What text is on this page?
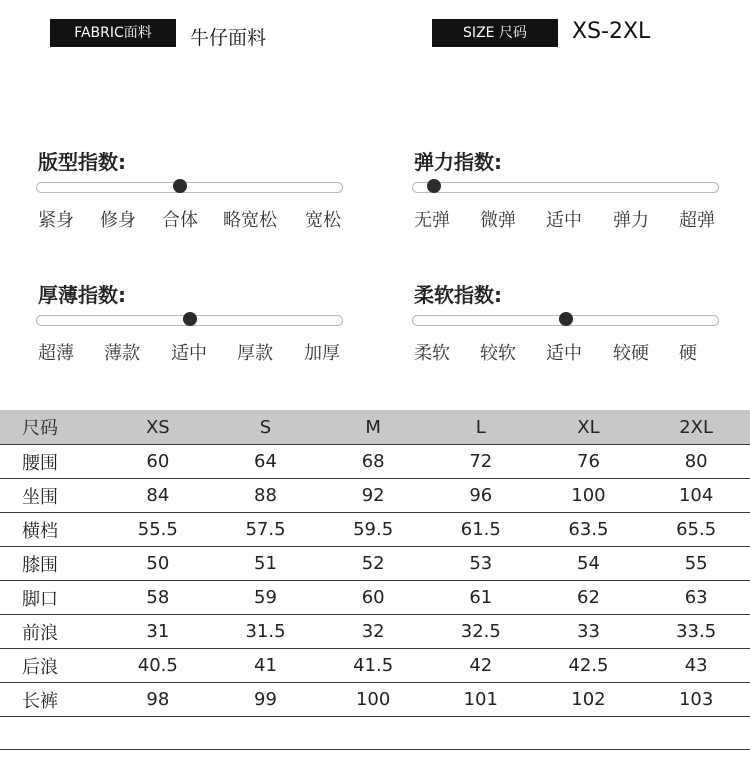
FABRIC面料	牛仔面料	SIZE 尺码	XS-2XL
版型指数:
紧身 修身 合体 略宽松 宽松
弹力指数:
无弹 微弹 适中 弹力 超弹
厚薄指数:
超薄 薄款 适中 厚款 加厚
柔软指数:
柔软 较软 适中 较硬 硬
尺码	XS	S	M	L	XL	2XL
腰围	60	64	68	72	76	80
坐围	84	88	92	96	100	104
横档	55.5	57.5	59.5	61.5	63.5	65.5
膝围	50	51	52	53	54	55
脚口	58	59	60	61	62	63
前浪	31	31.5	32	32.5	33	33.5
后浪	40.5	41	41.5	42	42.5	43
长裤	98	99	100	101	102	103
